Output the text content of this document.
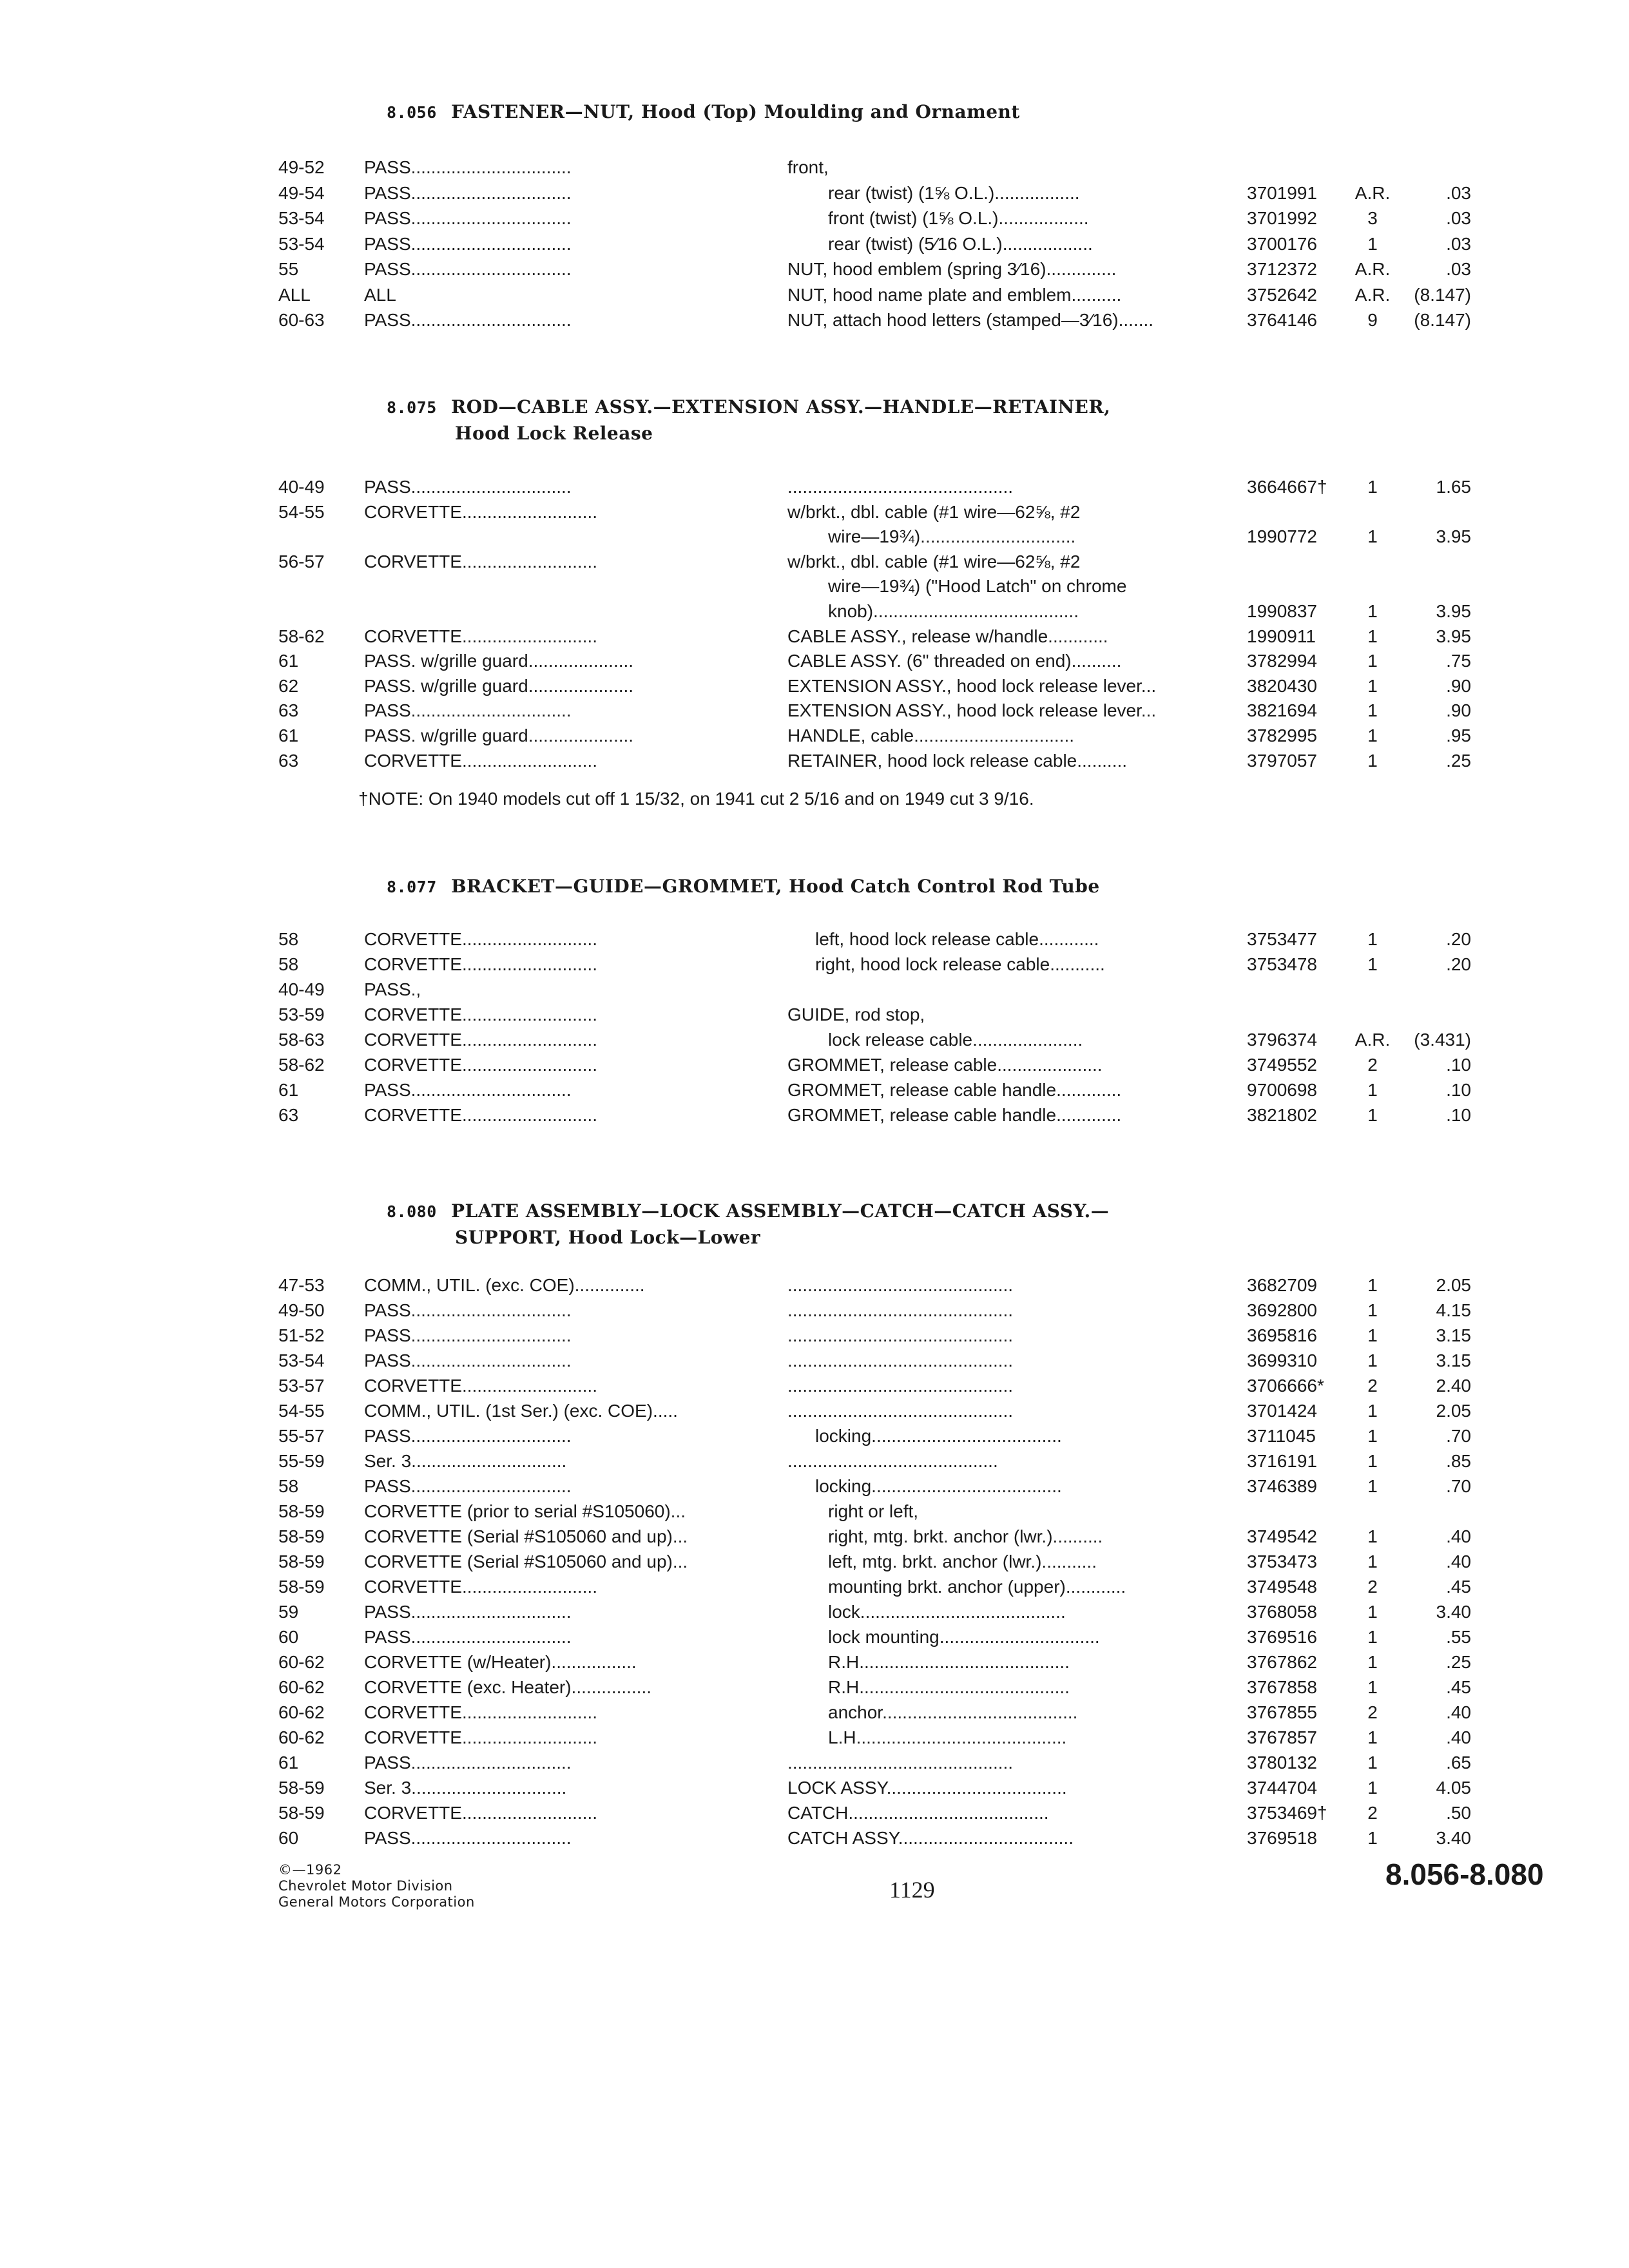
8.056 FASTENER—NUT, Hood (Top) Moulding and Ornament
49-52 PASS................................	front,
49-54 PASS................................	rear (twist) (1⅝ O.L.).................	3701991 A.R.	.03
53-54 PASS................................	front (twist) (1⅝ O.L.)..................	3701992	3	.03
53-54 PASS................................	rear (twist) (5⁄16 O.L.)..................	3700176	1	.03
55	PASS................................	NUT, hood emblem (spring 3⁄16)..............	3712372 A.R.	.03
ALL	ALL	NUT, hood name plate and emblem..........	3752642 A.R.	(8.147)
60-63 PASS................................	NUT, attach hood letters (stamped—3⁄16).......	3764146	9	(8.147)
8.075 ROD—CABLE ASSY.—EXTENSION ASSY.—HANDLE—RETAINER,
Hood Lock Release
40-49 PASS................................	.............................................	3664667†	1	1.65
54-55 CORVETTE...........................	w/brkt., dbl. cable (#1 wire—62⅝, #2
wire—19¾)...............................	1990772	1	3.95
56-57 CORVETTE...........................	w/brkt., dbl. cable (#1 wire—62⅝, #2
wire—19¾) ("Hood Latch" on chrome
knob).........................................	1990837	1	3.95
58-62 CORVETTE...........................	CABLE ASSY., release w/handle............	1990911	1	3.95
61	PASS. w/grille guard.....................	CABLE ASSY. (6" threaded on end)..........	3782994	1	.75
62	PASS. w/grille guard.....................	EXTENSION ASSY., hood lock release lever...	3820430	1	.90
63	PASS................................	EXTENSION ASSY., hood lock release lever...	3821694	1	.90
61	PASS. w/grille guard.....................	HANDLE, cable................................	3782995	1	.95
63	CORVETTE...........................	RETAINER, hood lock release cable..........	3797057	1	.25
†NOTE: On 1940 models cut off 1 15/32, on 1941 cut 2 5/16 and on 1949 cut 3 9/16.
8.077 BRACKET—GUIDE—GROMMET, Hood Catch Control Rod Tube
58	CORVETTE...........................	left, hood lock release cable............	3753477	1	.20
58	CORVETTE...........................	right, hood lock release cable...........	3753478	1	.20
40-49 PASS.,
53-59 CORVETTE...........................	GUIDE, rod stop,
58-63 CORVETTE...........................	lock release cable......................	3796374 A.R.	(3.431)
58-62 CORVETTE...........................	GROMMET, release cable.....................	3749552	2	.10
61	PASS................................	GROMMET, release cable handle.............	9700698	1	.10
63	CORVETTE...........................	GROMMET, release cable handle.............	3821802	1	.10
8.080 PLATE ASSEMBLY—LOCK ASSEMBLY—CATCH—CATCH ASSY.—
SUPPORT, Hood Lock—Lower
47-53 COMM., UTIL. (exc. COE)..............	.............................................	3682709	1	2.05
49-50 PASS................................	.............................................	3692800	1	4.15
51-52 PASS................................	.............................................	3695816	1	3.15
53-54 PASS................................	.............................................	3699310	1	3.15
53-57 CORVETTE...........................	.............................................	3706666*	2	2.40
54-55 COMM., UTIL. (1st Ser.) (exc. COE).....	.............................................	3701424	1	2.05
55-57 PASS................................	locking......................................	3711045	1	.70
55-59 Ser. 3...............................	..........................................	3716191	1	.85
58	PASS................................	locking......................................	3746389	1	.70
58-59 CORVETTE (prior to serial #S105060)...	right or left,
58-59 CORVETTE (Serial #S105060 and up)...	right, mtg. brkt. anchor (lwr.)..........	3749542	1	.40
58-59 CORVETTE (Serial #S105060 and up)...	left, mtg. brkt. anchor (lwr.)...........	3753473	1	.40
58-59 CORVETTE...........................	mounting brkt. anchor (upper)............	3749548	2	.45
59	PASS................................	lock.........................................	3768058	1	3.40
60	PASS................................	lock mounting................................	3769516	1	.55
60-62 CORVETTE (w/Heater).................	R.H..........................................	3767862	1	.25
60-62 CORVETTE (exc. Heater)................	R.H..........................................	3767858	1	.45
60-62 CORVETTE...........................	anchor.......................................	3767855	2	.40
60-62 CORVETTE...........................	L.H..........................................	3767857	1	.40
61	PASS................................	.............................................	3780132	1	.65
58-59 Ser. 3...............................	LOCK ASSY....................................	3744704	1	4.05
58-59 CORVETTE...........................	CATCH........................................	3753469†	2	.50
60	PASS................................	CATCH ASSY...................................	3769518	1	3.40
©—1962
Chevrolet Motor Division
General Motors Corporation	1129	8.056-8.080
